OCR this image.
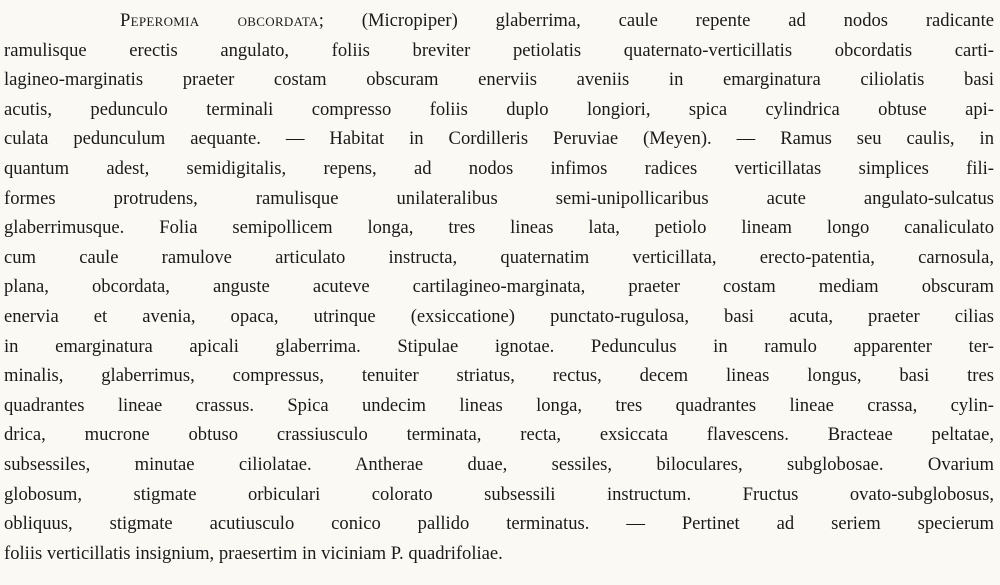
Peperomia obcordata; (Micropiper) glaberrima, caule repente ad nodos radicante
ramulisque erectis angulato, foliis breviter petiolatis quaternato-verticillatis obcordatis carti-
lagineo-marginatis praeter costam obscuram enerviis aveniis in emarginatura ciliolatis basi
acutis, pedunculo terminali compresso foliis duplo longiori, spica cylindrica obtuse api-
culata pedunculum aequante. — Habitat in Cordilleris Peruviae (Meyen). — Ramus seu caulis, in
quantum adest, semidigitalis, repens, ad nodos infimos radices verticillatas simplices fili-
formes protrudens, ramulisque unilateralibus semi-unipollicaribus acute angulato-sulcatus
glaberrimusque. Folia semipollicem longa, tres lineas lata, petiolo lineam longo canaliculato
cum caule ramulove articulato instructa, quaternatim verticillata, erecto-patentia, carnosula,
plana, obcordata, anguste acuteve cartilagineo-marginata, praeter costam mediam obscuram
enervia et avenia, opaca, utrinque (exsiccatione) punctato-rugulosa, basi acuta, praeter cilias
in emarginatura apicali glaberrima. Stipulae ignotae. Pedunculus in ramulo apparenter ter-
minalis, glaberrimus, compressus, tenuiter striatus, rectus, decem lineas longus, basi tres
quadrantes lineae crassus. Spica undecim lineas longa, tres quadrantes lineae crassa, cylin-
drica, mucrone obtuso crassiusculo terminata, recta, exsiccata flavescens. Bracteae peltatae,
subsessiles, minutae ciliolatae. Antherae duae, sessiles, biloculares, subglobosae. Ovarium
globosum, stigmate orbiculari colorato subsessili instructum. Fructus ovato-subglobosus,
obliquus, stigmate acutiusculo conico pallido terminatus. — Pertinet ad seriem specierum
foliis verticillatis insignium, praesertim in viciniam P. quadrifoliae.
